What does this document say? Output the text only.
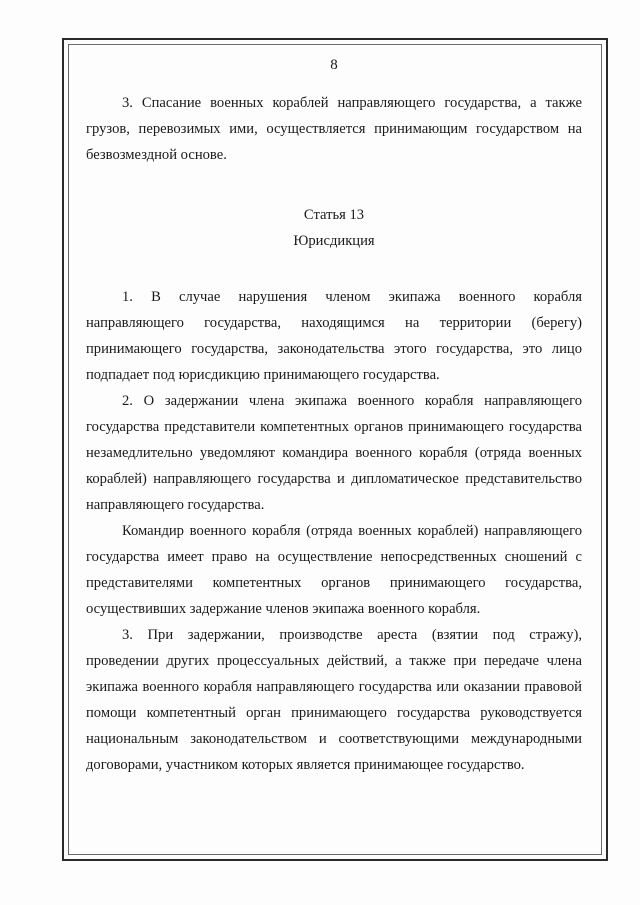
8

3. Спасание военных кораблей направляющего государства, а также грузов, перевозимых ими, осуществляется принимающим государством на безвозмездной основе.

Статья 13

Юрисдикция

1. В случае нарушения членом экипажа военного корабля направляющего государства, находящимся на территории (берегу) принимающего государства, законодательства этого государства, это лицо подпадает под юрисдикцию принимающего государства.

2. О задержании члена экипажа военного корабля направляющего государства представители компетентных органов принимающего государства незамедлительно уведомляют командира военного корабля (отряда военных кораблей) направляющего государства и дипломатическое представительство направляющего государства.

Командир военного корабля (отряда военных кораблей) направляющего государства имеет право на осуществление непосредственных сношений с представителями компетентных органов принимающего государства, осуществивших задержание членов экипажа военного корабля.

3. При задержании, производстве ареста (взятии под стражу), проведении других процессуальных действий, а также при передаче члена экипажа военного корабля направляющего государства или оказании правовой помощи компетентный орган принимающего государства руководствуется национальным законодательством и соответствующими международными договорами, участником которых является принимающее государство.
